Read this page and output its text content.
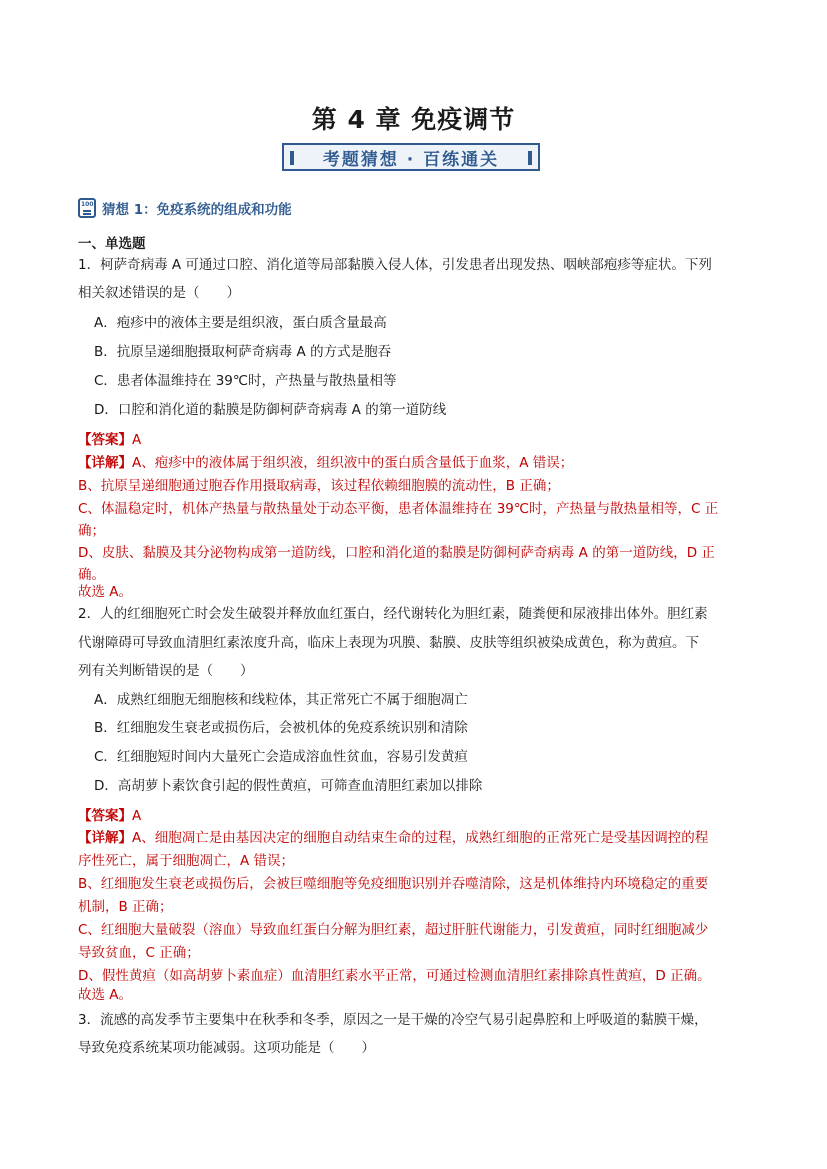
第 4 章 免疫调节
考题猜想 · 百练通关
100
猜想 1：免疫系统的组成和功能
一、单选题
1．柯萨奇病毒 A 可通过口腔、消化道等局部黏膜入侵人体，引发患者出现发热、咽峡部疱疹等症状。下列
相关叙述错误的是（　　）
A．疱疹中的液体主要是组织液，蛋白质含量最高
B．抗原呈递细胞摄取柯萨奇病毒 A 的方式是胞吞
C．患者体温维持在 39℃时，产热量与散热量相等
D．口腔和消化道的黏膜是防御柯萨奇病毒 A 的第一道防线
【答案】A
【详解】A、疱疹中的液体属于组织液，组织液中的蛋白质含量低于血浆，A 错误；
B、抗原呈递细胞通过胞吞作用摄取病毒，该过程依赖细胞膜的流动性，B 正确；
C、体温稳定时，机体产热量与散热量处于动态平衡，患者体温维持在 39℃时，产热量与散热量相等，C 正
确；
D、皮肤、黏膜及其分泌物构成第一道防线，口腔和消化道的黏膜是防御柯萨奇病毒 A 的第一道防线，D 正
确。
故选 A。
2．人的红细胞死亡时会发生破裂并释放血红蛋白，经代谢转化为胆红素，随粪便和尿液排出体外。胆红素
代谢障碍可导致血清胆红素浓度升高，临床上表现为巩膜、黏膜、皮肤等组织被染成黄色，称为黄疸。下
列有关判断错误的是（　　）
A．成熟红细胞无细胞核和线粒体，其正常死亡不属于细胞凋亡
B．红细胞发生衰老或损伤后，会被机体的免疫系统识别和清除
C．红细胞短时间内大量死亡会造成溶血性贫血，容易引发黄疸
D．高胡萝卜素饮食引起的假性黄疸，可筛查血清胆红素加以排除
【答案】A
【详解】A、细胞凋亡是由基因决定的细胞自动结束生命的过程，成熟红细胞的正常死亡是受基因调控的程
序性死亡，属于细胞凋亡，A 错误；
B、红细胞发生衰老或损伤后，会被巨噬细胞等免疫细胞识别并吞噬清除，这是机体维持内环境稳定的重要
机制，B 正确；
C、红细胞大量破裂（溶血）导致血红蛋白分解为胆红素，超过肝脏代谢能力，引发黄疸，同时红细胞减少
导致贫血，C 正确；
D、假性黄疸（如高胡萝卜素血症）血清胆红素水平正常，可通过检测血清胆红素排除真性黄疸，D 正确。
故选 A。
3．流感的高发季节主要集中在秋季和冬季，原因之一是干燥的冷空气易引起鼻腔和上呼吸道的黏膜干燥，
导致免疫系统某项功能减弱。这项功能是（　　）
